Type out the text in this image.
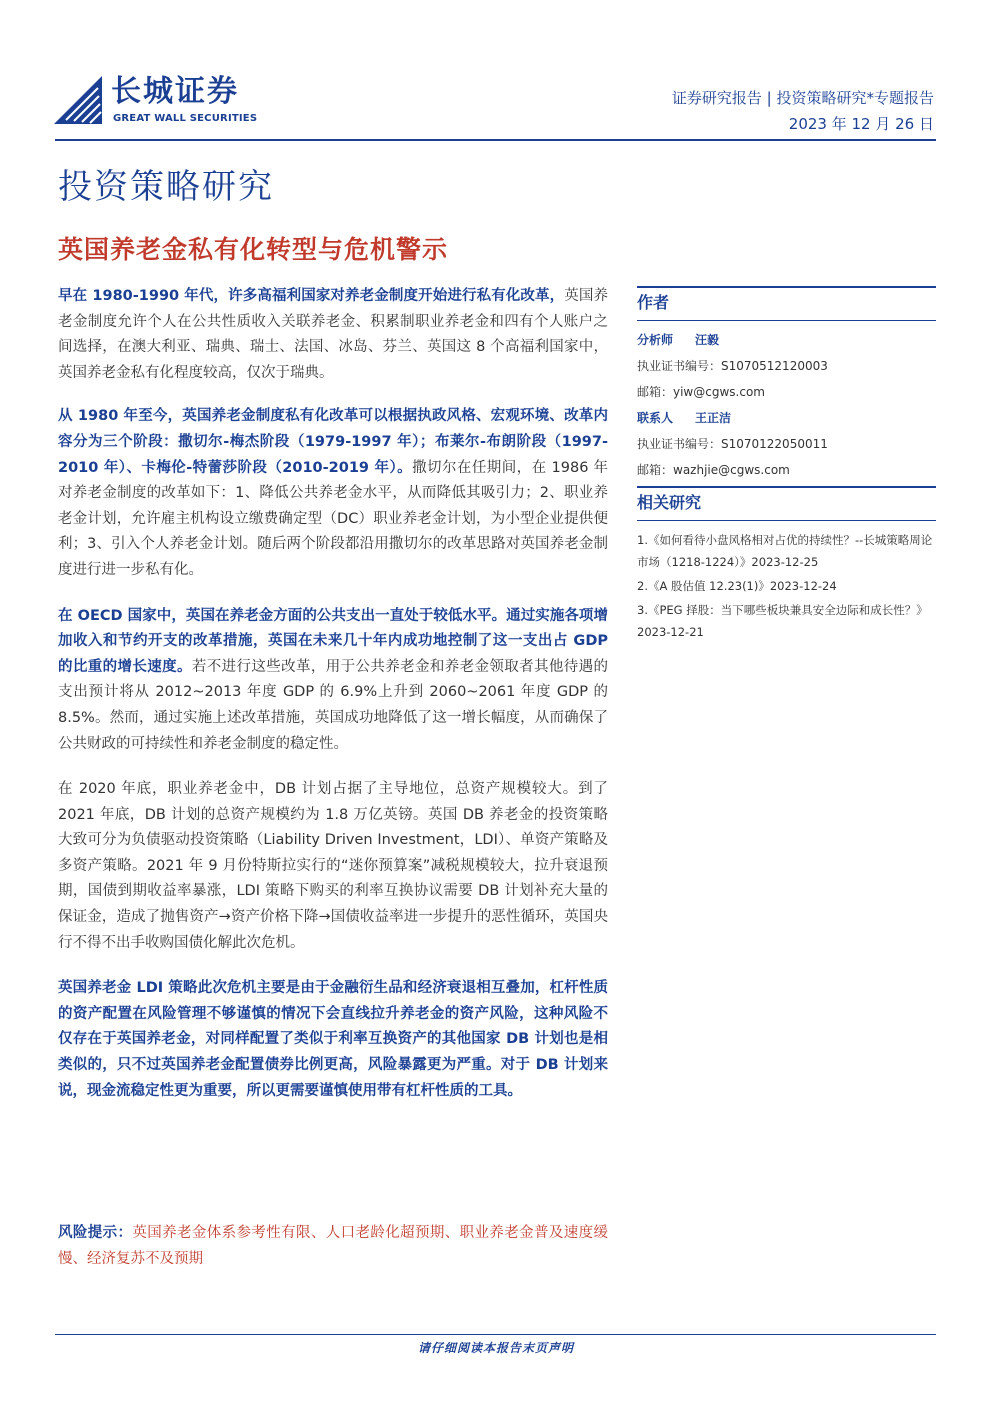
长城证券
GREAT WALL SECURITIES
证券研究报告 | 投资策略研究*专题报告
2023 年 12 月 26 日
投资策略研究
英国养老金私有化转型与危机警示

早在 1980-1990 年代，许多高福利国家对养老金制度开始进行私有化改革，英国养老金制度允许个人在公共性质收入关联养老金、积累制职业养老金和四有个人账户之间选择，在澳大利亚、瑞典、瑞士、法国、冰岛、芬兰、英国这 8 个高福利国家中，英国养老金私有化程度较高，仅次于瑞典。

从 1980 年至今，英国养老金制度私有化改革可以根据执政风格、宏观环境、改革内容分为三个阶段：撒切尔-梅杰阶段（1979-1997 年）；布莱尔-布朗阶段（1997-2010 年）、卡梅伦-特蕾莎阶段（2010-2019 年）。撒切尔在任期间，在 1986 年对养老金制度的改革如下：1、降低公共养老金水平，从而降低其吸引力；2、职业养老金计划，允许雇主机构设立缴费确定型（DC）职业养老金计划，为小型企业提供便利；3、引入个人养老金计划。随后两个阶段都沿用撒切尔的改革思路对英国养老金制度进行进一步私有化。

在 OECD 国家中，英国在养老金方面的公共支出一直处于较低水平。通过实施各项增加收入和节约开支的改革措施，英国在未来几十年内成功地控制了这一支出占 GDP 的比重的增长速度。若不进行这些改革，用于公共养老金和养老金领取者其他待遇的支出预计将从 2012~2013 年度 GDP 的 6.9%上升到 2060~2061 年度 GDP 的 8.5%。然而，通过实施上述改革措施，英国成功地降低了这一增长幅度，从而确保了公共财政的可持续性和养老金制度的稳定性。

在 2020 年底，职业养老金中，DB 计划占据了主导地位，总资产规模较大。到了 2021 年底，DB 计划的总资产规模约为 1.8 万亿英镑。英国 DB 养老金的投资策略大致可分为负债驱动投资策略（Liability Driven Investment，LDI）、单资产策略及多资产策略。2021 年 9 月份特斯拉实行的“迷你预算案”减税规模较大，拉升衰退预期，国债到期收益率暴涨，LDI 策略下购买的利率互换协议需要 DB 计划补充大量的保证金，造成了抛售资产→资产价格下降→国债收益率进一步提升的恶性循环，英国央行不得不出手收购国债化解此次危机。

英国养老金 LDI 策略此次危机主要是由于金融衍生品和经济衰退相互叠加，杠杆性质的资产配置在风险管理不够谨慎的情况下会直线拉升养老金的资产风险，这种风险不仅存在于英国养老金，对同样配置了类似于利率互换资产的其他国家 DB 计划也是相类似的，只不过英国养老金配置债券比例更高，风险暴露更为严重。对于 DB 计划来说，现金流稳定性更为重要，所以更需要谨慎使用带有杠杆性质的工具。

风险提示：英国养老金体系参考性有限、人口老龄化超预期、职业养老金普及速度缓慢、经济复苏不及预期

作者
分析师 汪毅
执业证书编号：S1070512120003
邮箱：yiw@cgws.com
联系人 王正洁
执业证书编号：S1070122050011
邮箱：wazhjie@cgws.com
相关研究
1.《如何看待小盘风格相对占优的持续性？--长城策略周论市场（1218-1224）》2023-12-25
2.《A 股估值 12.23(1)》2023-12-24
3.《PEG 择股：当下哪些板块兼具安全边际和成长性？》2023-12-21
请仔细阅读本报告末页声明
